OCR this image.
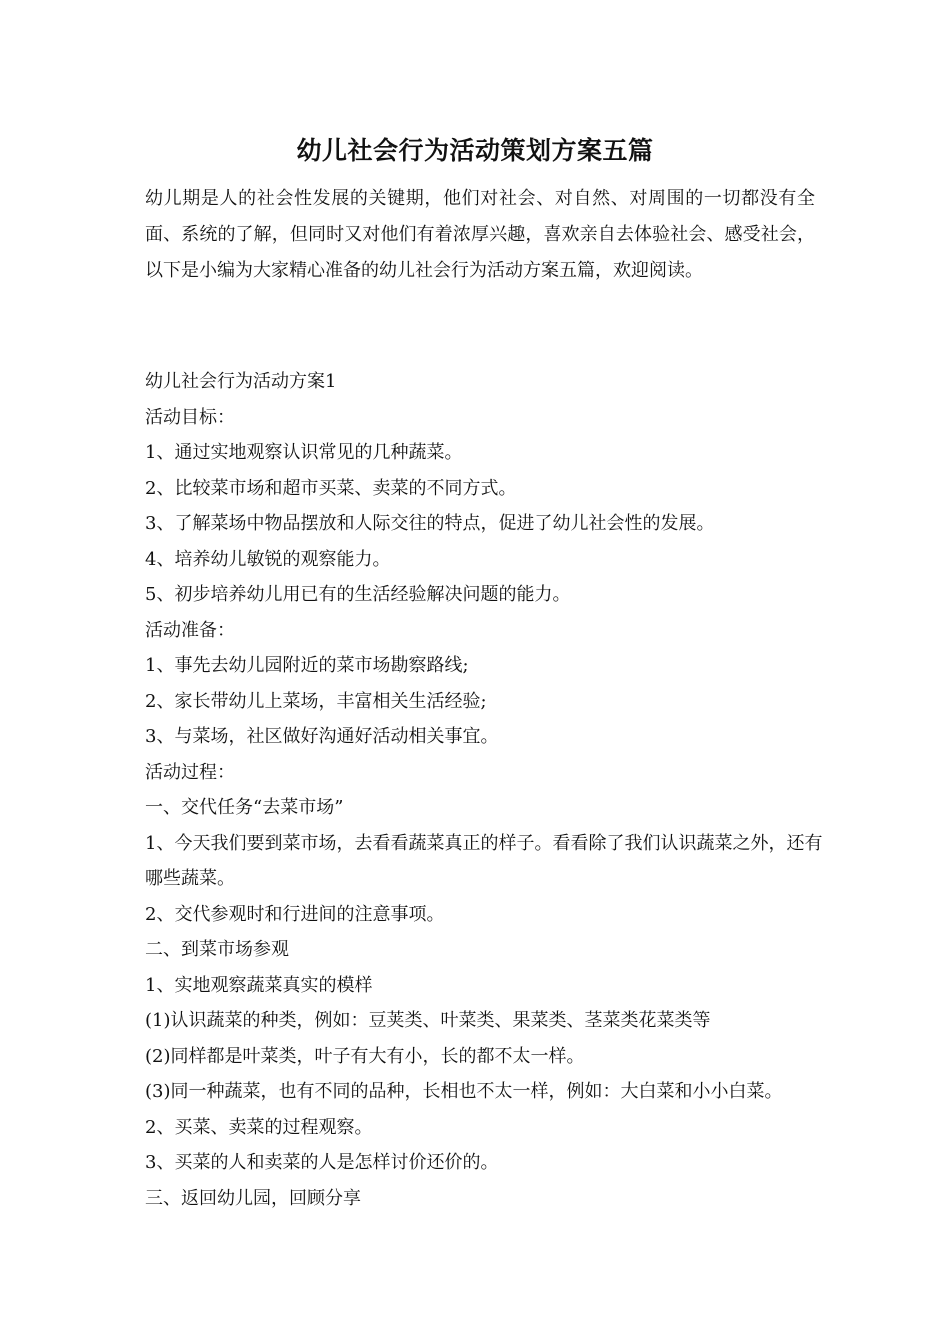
幼儿社会行为活动策划方案五篇

幼儿期是人的社会性发展的关键期，他们对社会、对自然、对周围的一切都没有全面、系统的了解，但同时又对他们有着浓厚兴趣，喜欢亲自去体验社会、感受社会，以下是小编为大家精心准备的幼儿社会行为活动方案五篇，欢迎阅读。

幼儿社会行为活动方案1
活动目标：
1、通过实地观察认识常见的几种蔬菜。
2、比较菜市场和超市买菜、卖菜的不同方式。
3、了解菜场中物品摆放和人际交往的特点，促进了幼儿社会性的发展。
4、培养幼儿敏锐的观察能力。
5、初步培养幼儿用已有的生活经验解决问题的能力。
活动准备：
1、事先去幼儿园附近的菜市场勘察路线;
2、家长带幼儿上菜场，丰富相关生活经验;
3、与菜场，社区做好沟通好活动相关事宜。
活动过程：
一、交代任务“去菜市场”
1、今天我们要到菜市场，去看看蔬菜真正的样子。看看除了我们认识蔬菜之外，还有哪些蔬菜。
2、交代参观时和行进间的注意事项。
二、到菜市场参观
1、实地观察蔬菜真实的模样
(1)认识蔬菜的种类，例如：豆荚类、叶菜类、果菜类、茎菜类花菜类等
(2)同样都是叶菜类，叶子有大有小，长的都不太一样。
(3)同一种蔬菜，也有不同的品种，长相也不太一样，例如：大白菜和小小白菜。
2、买菜、卖菜的过程观察。
3、买菜的人和卖菜的人是怎样讨价还价的。
三、返回幼儿园，回顾分享
